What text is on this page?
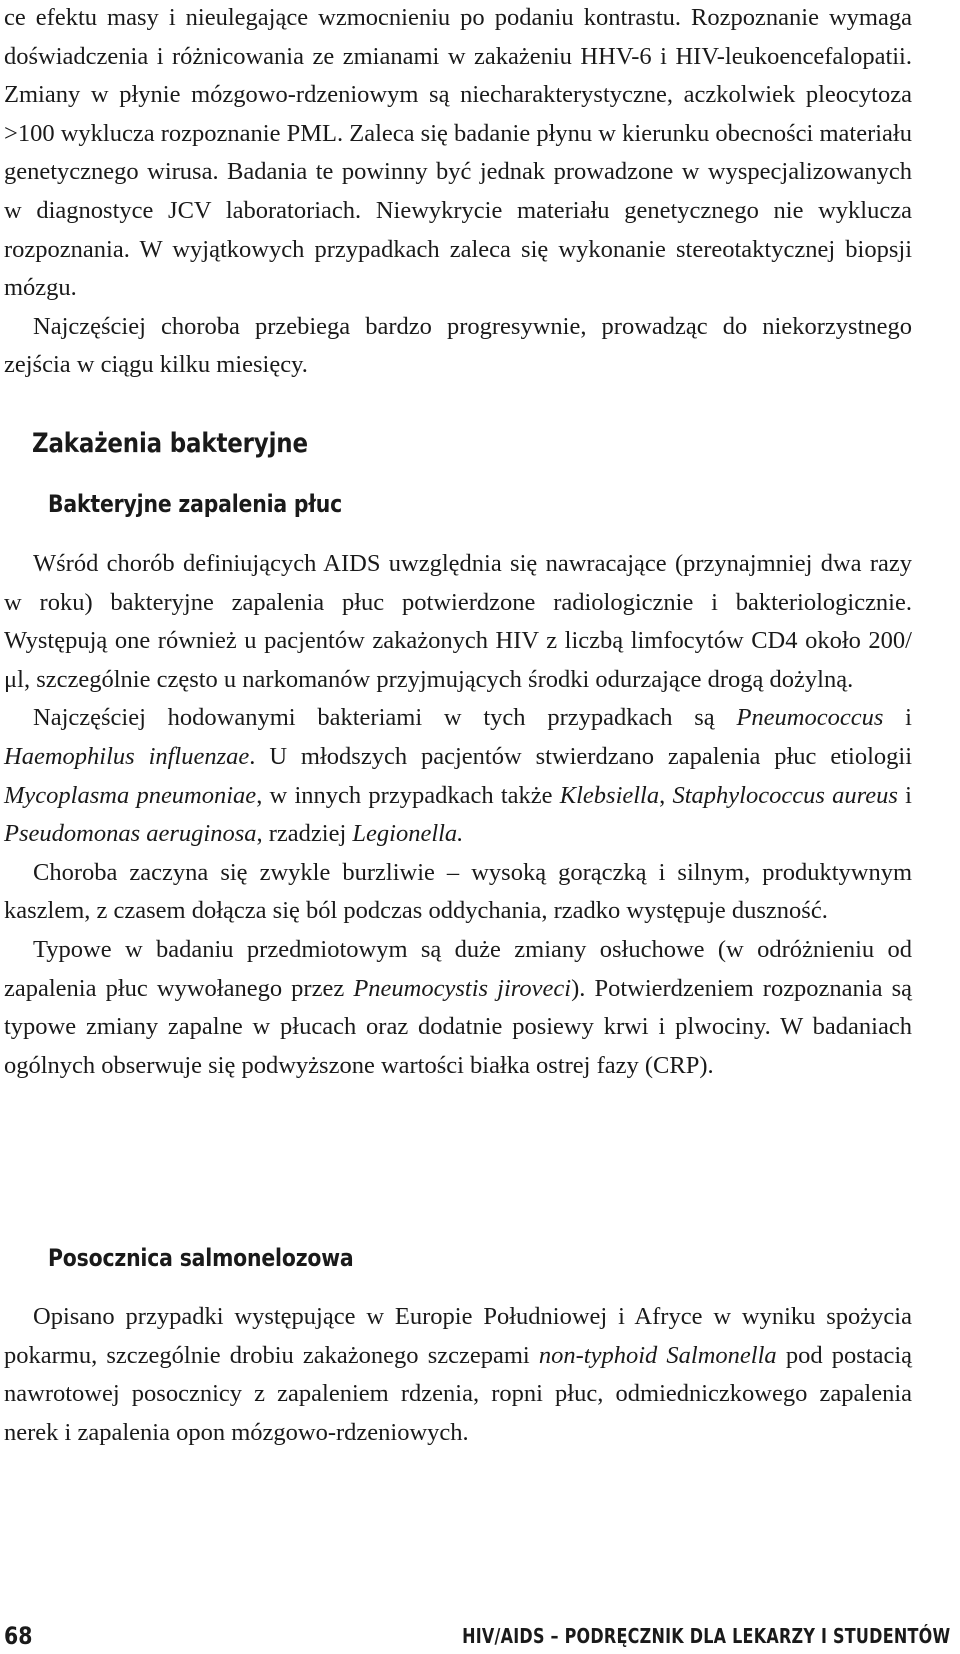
ce efektu masy i nieulegające wzmocnieniu po podaniu kontrastu. Rozpoznanie wymaga doświadczenia i różnicowania ze zmianami w zakażeniu HHV-6 i HIV-leukoencefalopatii. Zmiany w płynie mózgowo-rdzeniowym są niecharakterystyczne, aczkolwiek pleocytoza >100 wyklucza rozpoznanie PML. Zaleca się badanie płynu w kierunku obecności materiału genetycznego wirusa. Badania te powinny być jednak prowadzone w wyspecjalizowanych w diagnostyce JCV laboratoriach. Niewykrycie materiału genetycznego nie wyklucza rozpoznania. W wyjątkowych przypadkach zaleca się wykonanie stereotaktycznej biopsji mózgu.

Najczęściej choroba przebiega bardzo progresywnie, prowadząc do niekorzystnego zejścia w ciągu kilku miesięcy.

Zakażenia bakteryjne
Bakteryjne zapalenia płuc

Wśród chorób definiujących AIDS uwzględnia się nawracające (przynajmniej dwa razy w roku) bakteryjne zapalenia płuc potwierdzone radiologicznie i bakteriologicznie. Występują one również u pacjentów zakażonych HIV z liczbą limfocytów CD4 około 200/μl, szczególnie często u narkomanów przyjmujących środki odurzające drogą dożylną.

Najczęściej hodowanymi bakteriami w tych przypadkach są Pneumococcus i Haemophilus influenzae. U młodszych pacjentów stwierdzano zapalenia płuc etiologii Mycoplasma pneumoniae, w innych przypadkach także Klebsiella, Staphylococcus aureus i Pseudomonas aeruginosa, rzadziej Legionella.

Choroba zaczyna się zwykle burzliwie – wysoką gorączką i silnym, produktywnym kaszlem, z czasem dołącza się ból podczas oddychania, rzadko występuje duszność.

Typowe w badaniu przedmiotowym są duże zmiany osłuchowe (w odróżnieniu od zapalenia płuc wywołanego przez Pneumocystis jiroveci). Potwierdzeniem rozpoznania są typowe zmiany zapalne w płucach oraz dodatnie posiewy krwi i plwociny. W badaniach ogólnych obserwuje się podwyższone wartości białka ostrej fazy (CRP).

Posocznica salmonelozowa

Opisano przypadki występujące w Europie Południowej i Afryce w wyniku spożycia pokarmu, szczególnie drobiu zakażonego szczepami non-typhoid Salmonella pod postacią nawrotowej posocznicy z zapaleniem rdzenia, ropni płuc, odmiedniczkowego zapalenia nerek i zapalenia opon mózgowo-rdzeniowych.

68	HIV/AIDS – PODRĘCZNIK DLA LEKARZY I STUDENTÓW
